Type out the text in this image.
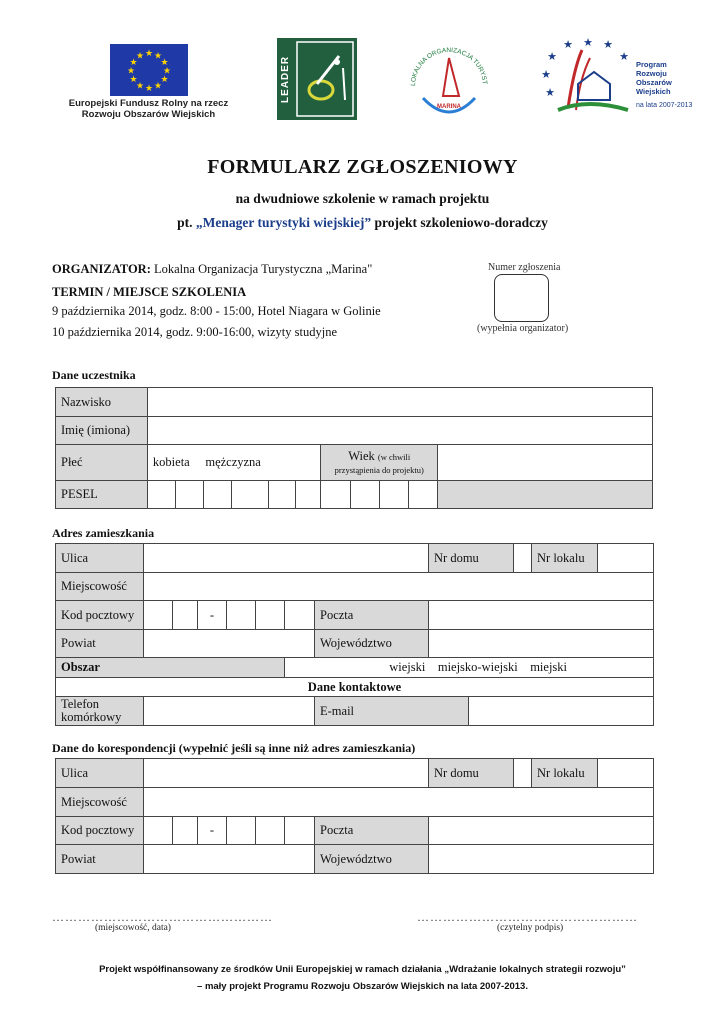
★ ★
★
★
★
★
★
★
★
★
★
★
Europejski Fundusz Rolny na rzecz
Rozwoju Obszarów Wiejskich
LEADER	LOKALNA ORGANIZACJA TURYST
MARINA
★
★
★
★ ★ ★
★
Program
Rozwoju
Obszarów
Wiejskich
na lata 2007-2013
FORMULARZ ZGŁOSZENIOWY
na dwudniowe szkolenie w ramach projektu
pt. „Menager turystyki wiejskiej” projekt szkoleniowo-doradczy
ORGANIZATOR: Lokalna Organizacja Turystyczna „Marina"
TERMIN / MIEJSCE SZKOLENIA
9 października 2014, godz. 8:00 - 15:00, Hotel Niagara w Golinie
10 października 2014, godz. 9:00-16:00, wizyty studyjne
Numer zgłoszenia
(wypełnia organizator)
Dane uczestnika
Nazwisko											
Imię (imiona)											
Płeć	kobieta mężczyzna						Wiek (w chwili przystąpienia do projektu)				
PESEL											
Adres zamieszkania
Ulica								Nr domu			Nr lokalu	
Miejscowość												
Kod pocztowy			-				Poczta					
Powiat							Województwo					
Obszar						wiejski miejsko-wiejski miejski						
Dane kontaktowe												
Telefon komórkowy							E-mail					
Dane do korespondencji (wypełnić jeśli są inne niż adres zamieszkania)
Ulica								Nr domu		Nr lokalu	
Miejscowość											
Kod pocztowy			-				Poczta				
Powiat							Województwo				
……………………………………………
(miejscowość, data)
……………………………………………
(czytelny podpis)
Projekt współfinansowany ze środków Unii Europejskiej w ramach działania „Wdrażanie lokalnych strategii rozwoju”
– mały projekt Programu Rozwoju Obszarów Wiejskich na lata 2007-2013.
